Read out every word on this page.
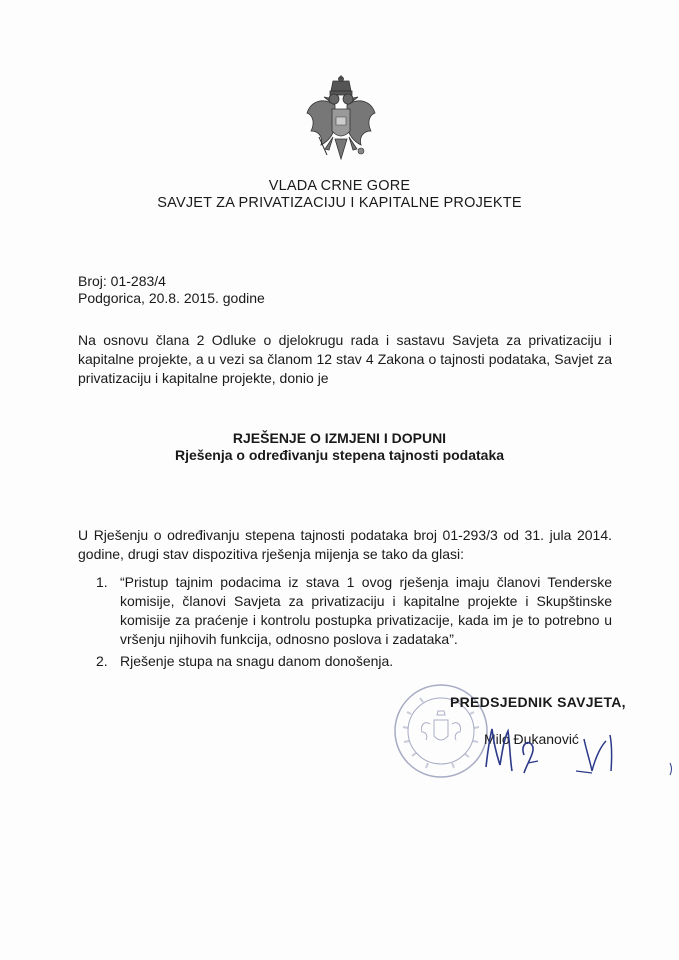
VLADA CRNE GORE
SAVJET ZA PRIVATIZACIJU I KAPITALNE PROJEKTE
Broj: 01-283/4
Podgorica, 20.8. 2015. godine
Na osnovu člana 2 Odluke o djelokrugu rada i sastavu Savjeta za privatizaciju i kapitalne projekte, a u vezi sa članom 12 stav 4 Zakona o tajnosti podataka, Savjet za privatizaciju i kapitalne projekte, donio je
RJEŠENJE O IZMJENI I DOPUNI
Rješenja o određivanju stepena tajnosti podataka
U Rješenju o određivanju stepena tajnosti podataka broj 01-293/3 od 31. jula 2014. godine, drugi stav dispozitiva rješenja mijenja se tako da glasi:
1. “Pristup tajnim podacima iz stava 1 ovog rješenja imaju članovi Tenderske komisije, članovi Savjeta za privatizaciju i kapitalne projekte i Skupštinske komisije za praćenje i kontrolu postupka privatizacije, kada im je to potrebno u vršenju njihovih funkcija, odnosno poslova i zadataka”.
2. Rješenje stupa na snagu danom donošenja.
PREDSJEDNIK SAVJETA,
Milo Đukanović
